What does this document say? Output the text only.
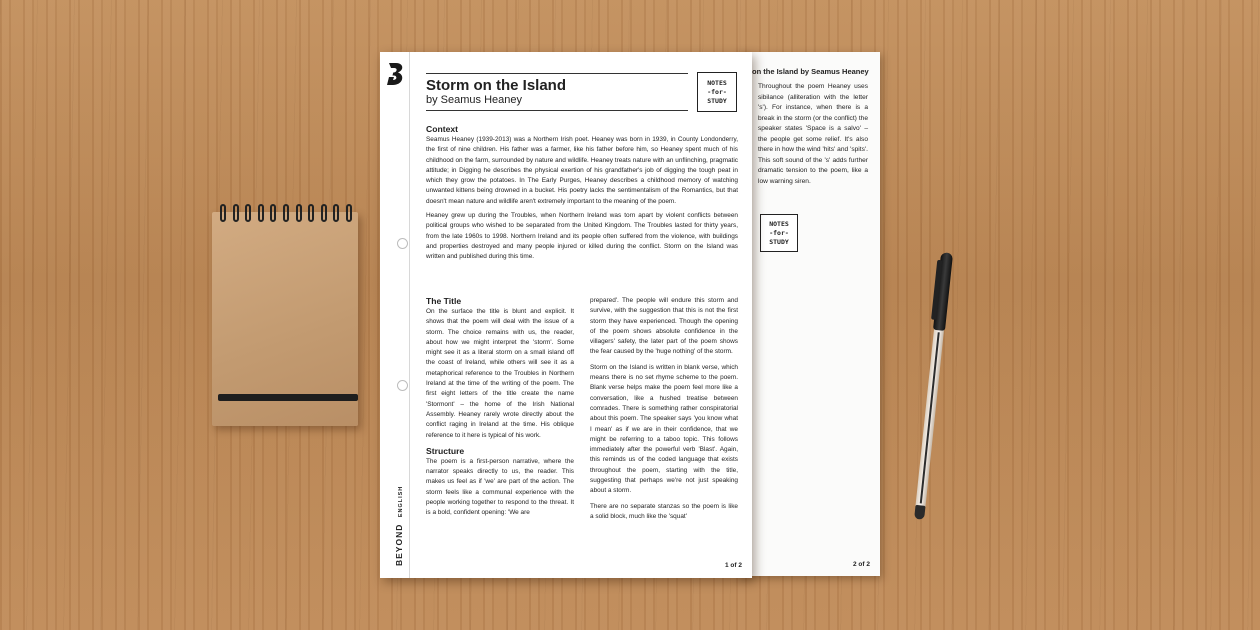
on the Island by Seamus Heaney
Throughout the poem Heaney uses sibilance (alliteration with the letter 's'). For instance, when there is a break in the storm (or the conflict) the speaker states 'Space is a salvo' – the people get some relief. It's also there in how the wind 'hits' and 'spits'. This soft sound of the 's' adds further dramatic tension to the poem, like a low warning siren.
NOTES
-for-
STUDY
2 of 2
BEYOND ENGLISH
Storm on the Island
by Seamus Heaney
NOTES
-for-
STUDY
Context
Seamus Heaney (1939-2013) was a Northern Irish poet. Heaney was born in 1939, in County Londonderry, the first of nine children. His father was a farmer, like his father before him, so Heaney spent much of his childhood on the farm, surrounded by nature and wildlife. Heaney treats nature with an unflinching, pragmatic attitude; in Digging he describes the physical exertion of his grandfather's job of digging the tough peat in which they grow the potatoes. In The Early Purges, Heaney describes a childhood memory of watching unwanted kittens being drowned in a bucket. His poetry lacks the sentimentalism of the Romantics, but that doesn't mean nature and wildlife aren't extremely important to the meaning of the poem.
Heaney grew up during the Troubles, when Northern Ireland was torn apart by violent conflicts between political groups who wished to be separated from the United Kingdom. The Troubles lasted for thirty years, from the late 1960s to 1998. Northern Ireland and its people often suffered from the violence, with buildings and properties destroyed and many people injured or killed during the conflict. Storm on the Island was written and published during this time.
The Title
On the surface the title is blunt and explicit. It shows that the poem will deal with the issue of a storm. The choice remains with us, the reader, about how we might interpret the 'storm'. Some might see it as a literal storm on a small island off the coast of Ireland, while others will see it as a metaphorical reference to the Troubles in Northern Ireland at the time of the writing of the poem. The first eight letters of the title create the name 'Stormont' – the home of the Irish National Assembly. Heaney rarely wrote directly about the conflict raging in Ireland at the time. His oblique reference to it here is typical of his work.
Structure
The poem is a first-person narrative, where the narrator speaks directly to us, the reader. This makes us feel as if 'we' are part of the action. The storm feels like a communal experience with the people working together to respond to the threat. It is a bold, confident opening: 'We are
prepared'. The people will endure this storm and survive, with the suggestion that this is not the first storm they have experienced. Though the opening of the poem shows absolute confidence in the villagers' safety, the later part of the poem shows the fear caused by the 'huge nothing' of the storm.
Storm on the Island is written in blank verse, which means there is no set rhyme scheme to the poem. Blank verse helps make the poem feel more like a conversation, like a hushed treatise between comrades. There is something rather conspiratorial about this poem. The speaker says 'you know what I mean' as if we are in their confidence, that we might be referring to a taboo topic. This follows immediately after the powerful verb 'Blast'. Again, this reminds us of the coded language that exists throughout the poem, starting with the title, suggesting that perhaps we're not just speaking about a storm.
There are no separate stanzas so the poem is like a solid block, much like the 'squat'
1 of 2
